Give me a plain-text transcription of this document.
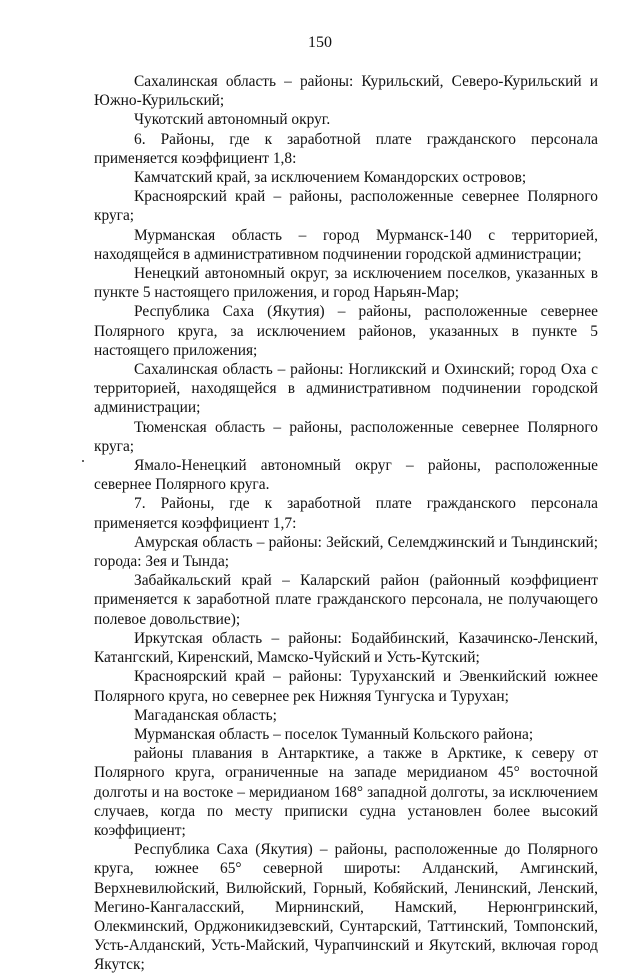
150

Сахалинская область – районы: Курильский, Северо-Курильский и Южно-Курильский;

Чукотский автономный округ.

6. Районы, где к заработной плате гражданского персонала применяется коэффициент 1,8:

Камчатский край, за исключением Командорских островов;

Красноярский край – районы, расположенные севернее Полярного круга;

Мурманская область – город Мурманск-140 с территорией, находящейся в административном подчинении городской администрации;

Ненецкий автономный округ, за исключением поселков, указанных в пункте 5 настоящего приложения, и город Нарьян-Мар;

Республика Саха (Якутия) – районы, расположенные севернее Полярного круга, за исключением районов, указанных в пункте 5 настоящего приложения;

Сахалинская область – районы: Ногликский и Охинский; город Оха с территорией, находящейся в административном подчинении городской администрации;

Тюменская область – районы, расположенные севернее Полярного круга;

Ямало-Ненецкий автономный округ – районы, расположенные севернее Полярного круга.

7. Районы, где к заработной плате гражданского персонала применяется коэффициент 1,7:

Амурская область – районы: Зейский, Селемджинский и Тындинский; города: Зея и Тында;

Забайкальский край – Каларский район (районный коэффициент применяется к заработной плате гражданского персонала, не получающего полевое довольствие);

Иркутская область – районы: Бодайбинский, Казачинско-Ленский, Катангский, Киренский, Мамско-Чуйский и Усть-Кутский;

Красноярский край – районы: Туруханский и Эвенкийский южнее Полярного круга, но севернее рек Нижняя Тунгуска и Турухан;

Магаданская область;

Мурманская область – поселок Туманный Кольского района;

районы плавания в Антарктике, а также в Арктике, к северу от Полярного круга, ограниченные на западе меридианом 45° восточной долготы и на востоке – меридианом 168° западной долготы, за исключением случаев, когда по месту приписки судна установлен более высокий коэффициент;

Республика Саха (Якутия) – районы, расположенные до Полярного круга, южнее 65° северной широты: Алданский, Амгинский, Верхневилюйский, Вилюйский, Горный, Кобяйский, Ленинский, Ленский, Мегино-Кангаласский, Мирнинский, Намский, Нерюнгринский, Олекминский, Орджоникидзевский, Сунтарский, Таттинский, Томпонский, Усть-Алданский, Усть-Майский, Чурапчинский и Якутский, включая город Якутск;
